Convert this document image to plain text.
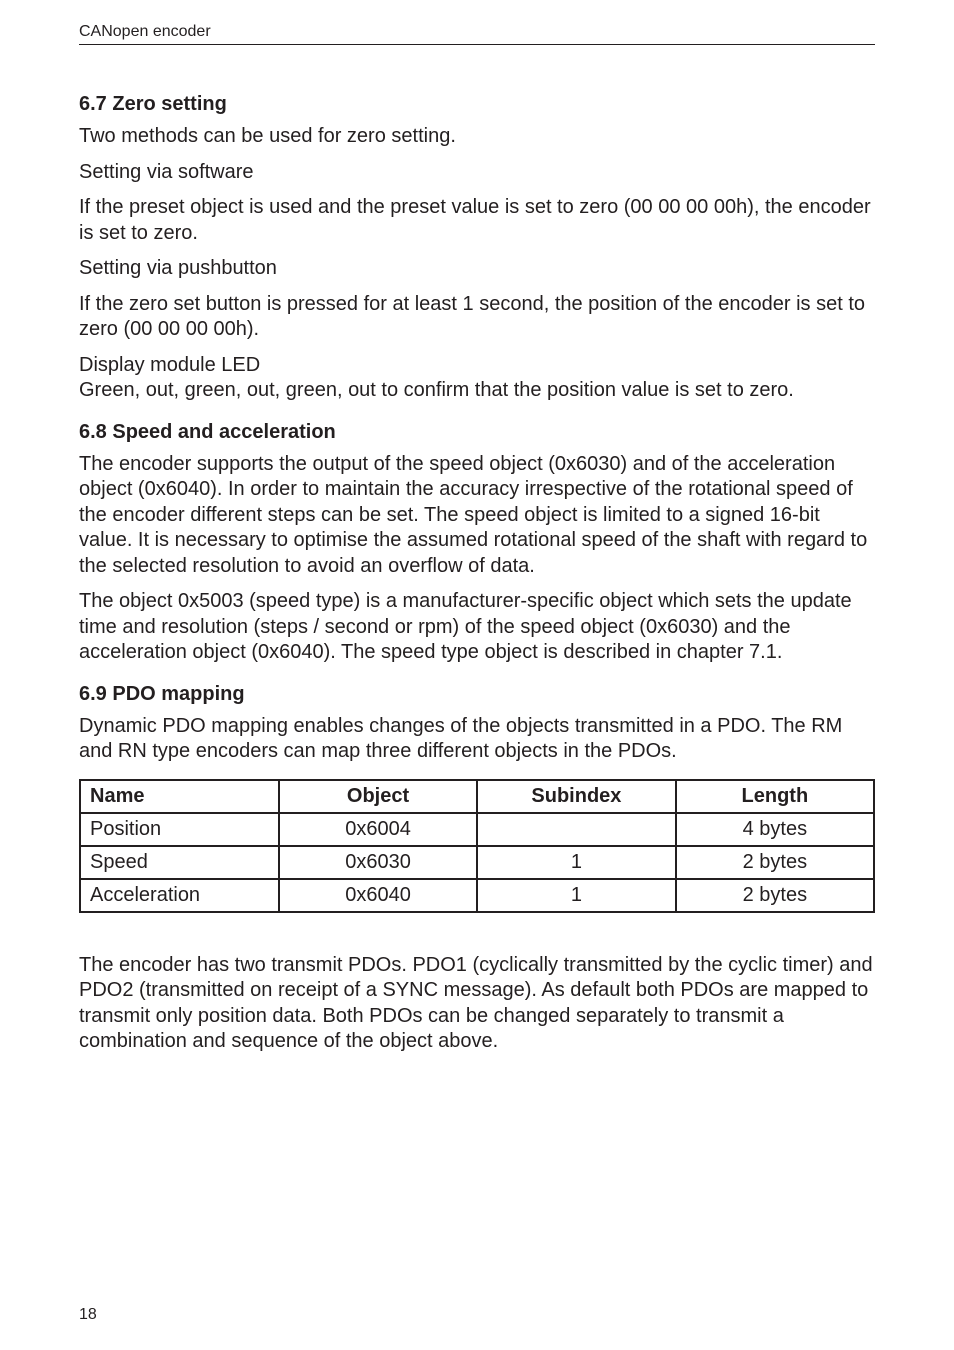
CANopen encoder
6.7 Zero setting

Two methods can be used for zero setting.

Setting via software

If the preset object is used and the preset value is set to zero (00 00 00 00h), the encoder is set to zero.

Setting via pushbutton

If the zero set button is pressed for at least 1 second, the position of the encoder is set to zero (00 00 00 00h).

Display module LED

Green, out, green, out, green, out to confirm that the position value is set to zero.

6.8 Speed and acceleration

The encoder supports the output of the speed object (0x6030) and of the acceleration object (0x6040). In order to maintain the accuracy irrespective of the rotational speed of the encoder different steps can be set. The speed object is limited to a signed 16-bit value. It is necessary to optimise the assumed rotational speed of the shaft with regard to the selected resolution to avoid an overflow of data.

The object 0x5003 (speed type) is a manufacturer-specific object which sets the update time and resolution (steps / second or rpm) of the speed object (0x6030) and the acceleration object (0x6040). The speed type object is described in chapter 7.1.

6.9 PDO mapping

Dynamic PDO mapping enables changes of the objects transmitted in a PDO. The RM and RN type encoders can map three different objects in the PDOs.

Name	Object	Subindex	Length
Position	0x6004		4 bytes
Speed	0x6030	1	2 bytes
Acceleration	0x6040	1	2 bytes

The encoder has two transmit PDOs. PDO1 (cyclically transmitted by the cyclic timer) and PDO2 (transmitted on receipt of a SYNC message). As default both PDOs are mapped to transmit only position data. Both PDOs can be changed separately to transmit a combination and sequence of the object above.

18
